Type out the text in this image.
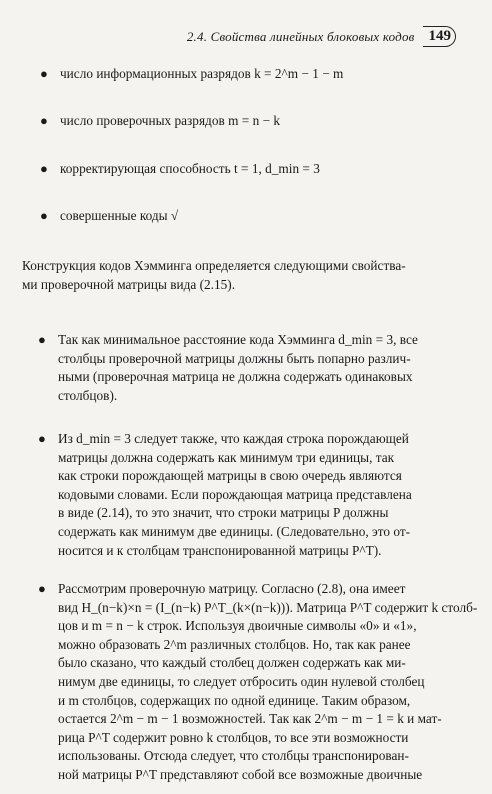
2.4. Свойства линейных блоковых кодов 149
● число информационных разрядов k = 2^m − 1 − m
● число проверочных разрядов m = n − k
● корректирующая способность t = 1, d_min = 3
● совершенные коды √
Конструкция кодов Хэмминга определяется следующими свойства-
ми проверочной матрицы вида (2.15).
● Так как минимальное расстояние кода Хэмминга d_min = 3, все
столбцы проверочной матрицы должны быть попарно различ-
ными (проверочная матрица не должна содержать одинаковых
столбцов).
● Из d_min = 3 следует также, что каждая строка порождающей
матрицы должна содержать как минимум три единицы, так
как строки порождающей матрицы в свою очередь являются
кодовыми словами. Если порождающая матрица представлена
в виде (2.14), то это значит, что строки матрицы P должны
содержать как минимум две единицы. (Следовательно, это от-
носится и к столбцам транспонированной матрицы P^T).
● Рассмотрим проверочную матрицу. Согласно (2.8), она имеет
вид H_(n−k)×n = (I_(n−k) P^T_(k×(n−k))). Матрица P^T содержит k столб-
цов и m = n − k строк. Используя двоичные символы «0» и «1»,
можно образовать 2^m различных столбцов. Но, так как ранее
было сказано, что каждый столбец должен содержать как ми-
нимум две единицы, то следует отбросить один нулевой столбец
и m столбцов, содержащих по одной единице. Таким образом,
остается 2^m − m − 1 возможностей. Так как 2^m − m − 1 = k и мат-
рица P^T содержит ровно k столбцов, то все эти возможности
использованы. Отсюда следует, что столбцы транспонирован-
ной матрицы P^T представляют собой все возможные двоичные
